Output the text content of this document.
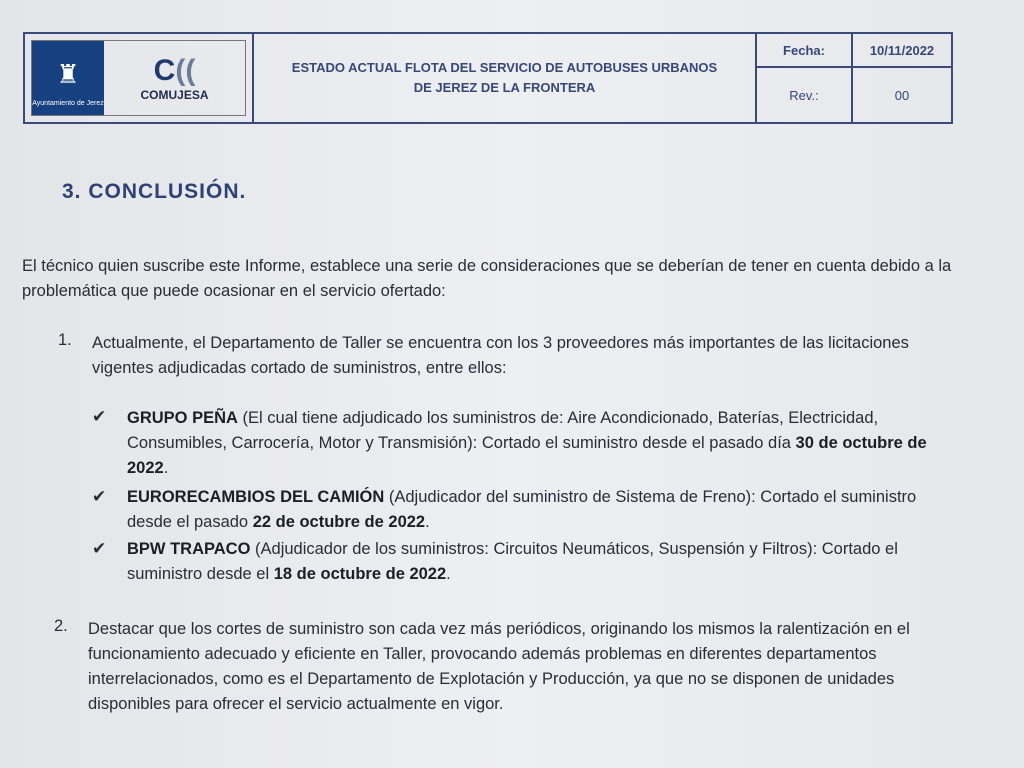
♜
Ayuntamiento de Jerez
C((
COMUJESA
ESTADO ACTUAL FLOTA DEL SERVICIO DE AUTOBUSES URBANOS
DE JEREZ DE LA FRONTERA
Fecha:	10/11/2022
Rev.:	00
3. CONCLUSIÓN.
El técnico quien suscribe este Informe, establece una serie de consideraciones que se deberían de tener en cuenta debido a la problemática que puede ocasionar en el servicio ofertado:
1. Actualmente, el Departamento de Taller se encuentra con los 3 proveedores más importantes de las licitaciones vigentes adjudicadas cortado de suministros, entre ellos:
✔ GRUPO PEÑA (El cual tiene adjudicado los suministros de: Aire Acondicionado, Baterías, Electricidad, Consumibles, Carrocería, Motor y Transmisión): Cortado el suministro desde el pasado día 30 de octubre de 2022.
✔ EURORECAMBIOS DEL CAMIÓN (Adjudicador del suministro de Sistema de Freno): Cortado el suministro desde el pasado 22 de octubre de 2022.
✔ BPW TRAPACO (Adjudicador de los suministros: Circuitos Neumáticos, Suspensión y Filtros): Cortado el suministro desde el 18 de octubre de 2022.
2. Destacar que los cortes de suministro son cada vez más periódicos, originando los mismos la ralentización en el funcionamiento adecuado y eficiente en Taller, provocando además problemas en diferentes departamentos interrelacionados, como es el Departamento de Explotación y Producción, ya que no se disponen de unidades disponibles para ofrecer el servicio actualmente en vigor.
